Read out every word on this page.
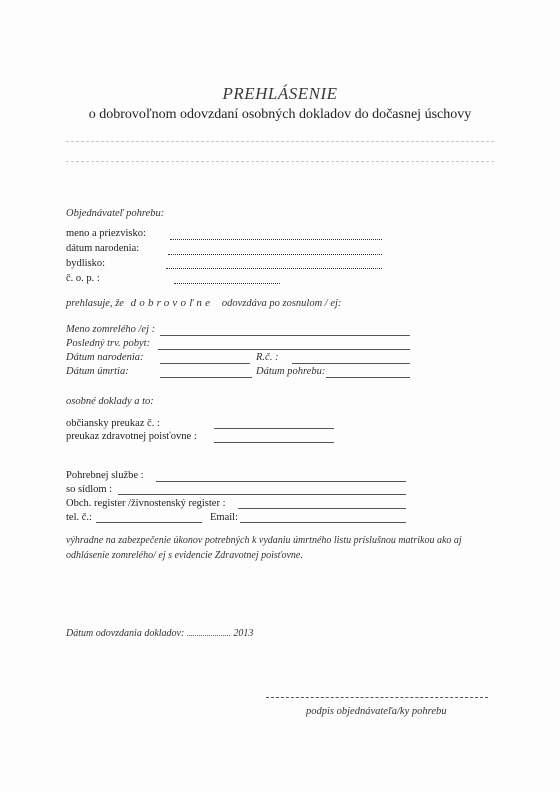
PREHLÁSENIE
o dobrovoľnom odovzdaní osobných dokladov do dočasnej úschovy
Objednávateľ pohrebu:
meno a priezvisko:
dátum narodenia:
bydlisko:
č. o. p. :
prehlasuje, že dobrovoľne odovzdáva po zosnulom / ej:
Meno zomrelého /ej :
Posledný trv. pobyt:
Dátum narodenia:	R.č. :
Dátum úmrtia:	Dátum pohrebu:
osobné doklady a to:
občiansky preukaz č. :
preukaz zdravotnej poisťovne :
Pohrebnej službe :
so sídlom :
Obch. register /živnostenský register :
tel. č.:	Email:
výhradne na zabezpečenie úkonov potrebných k vydaniu úmrtného listu príslušnou matrikou ako aj
odhlásenie zomrelého/ ej s evidencie Zdravotnej poisťovne.
Dátum odovzdania dokladov: ...................... 2013
podpis objednávateľa/ky pohrebu
